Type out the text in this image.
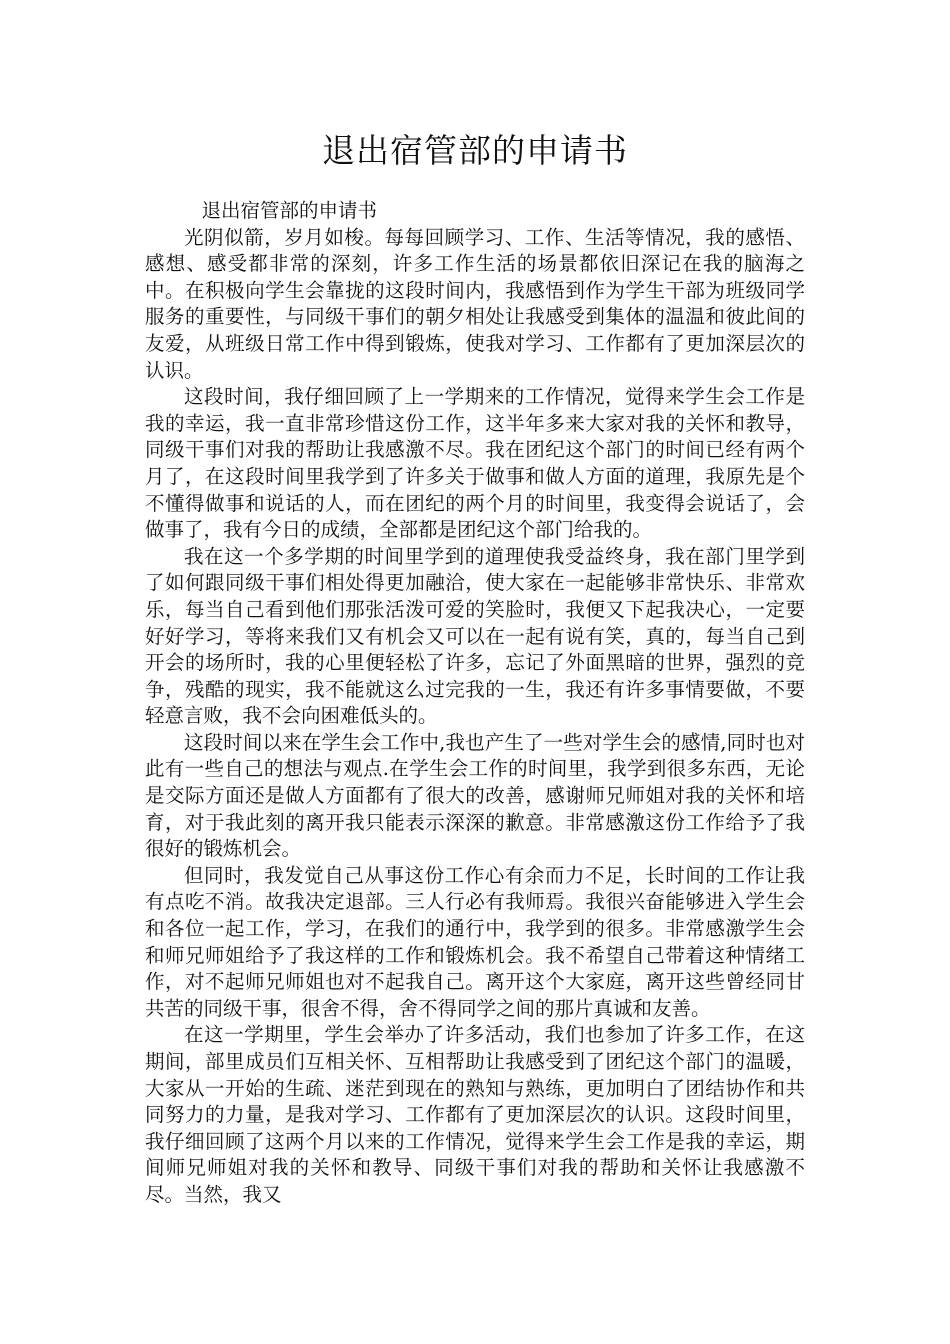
退出宿管部的申请书

退出宿管部的申请书

光阴似箭，岁月如梭。每每回顾学习、工作、生活等情况，我的感悟、感想、感受都非常的深刻，许多工作生活的场景都依旧深记在我的脑海之中。在积极向学生会靠拢的这段时间内，我感悟到作为学生干部为班级同学服务的重要性，与同级干事们的朝夕相处让我感受到集体的温温和彼此间的友爱，从班级日常工作中得到锻炼，使我对学习、工作都有了更加深层次的认识。

这段时间，我仔细回顾了上一学期来的工作情况，觉得来学生会工作是我的幸运，我一直非常珍惜这份工作，这半年多来大家对我的关怀和教导，同级干事们对我的帮助让我感激不尽。我在团纪这个部门的时间已经有两个月了，在这段时间里我学到了许多关于做事和做人方面的道理，我原先是个不懂得做事和说话的人，而在团纪的两个月的时间里，我变得会说话了，会做事了，我有今日的成绩，全部都是团纪这个部门给我的。

我在这一个多学期的时间里学到的道理使我受益终身，我在部门里学到了如何跟同级干事们相处得更加融洽，使大家在一起能够非常快乐、非常欢乐，每当自己看到他们那张活泼可爱的笑脸时，我便又下起我决心，一定要好好学习，等将来我们又有机会又可以在一起有说有笑，真的，每当自己到开会的场所时，我的心里便轻松了许多，忘记了外面黑暗的世界，强烈的竞争，残酷的现实，我不能就这么过完我的一生，我还有许多事情要做，不要轻意言败，我不会向困难低头的。

这段时间以来在学生会工作中,我也产生了一些对学生会的感情,同时也对此有一些自己的想法与观点.在学生会工作的时间里，我学到很多东西，无论是交际方面还是做人方面都有了很大的改善，感谢师兄师姐对我的关怀和培育，对于我此刻的离开我只能表示深深的歉意。非常感激这份工作给予了我很好的锻炼机会。

但同时，我发觉自己从事这份工作心有余而力不足，长时间的工作让我有点吃不消。故我决定退部。三人行必有我师焉。我很兴奋能够进入学生会和各位一起工作，学习，在我们的通行中，我学到的很多。非常感激学生会和师兄师姐给予了我这样的工作和锻炼机会。我不希望自己带着这种情绪工作，对不起师兄师姐也对不起我自己。离开这个大家庭，离开这些曾经同甘共苦的同级干事，很舍不得，舍不得同学之间的那片真诚和友善。

在这一学期里，学生会举办了许多活动，我们也参加了许多工作，在这期间，部里成员们互相关怀、互相帮助让我感受到了团纪这个部门的温暖，大家从一开始的生疏、迷茫到现在的熟知与熟练，更加明白了团结协作和共同努力的力量，是我对学习、工作都有了更加深层次的认识。这段时间里，我仔细回顾了这两个月以来的工作情况，觉得来学生会工作是我的幸运，期间师兄师姐对我的关怀和教导、同级干事们对我的帮助和关怀让我感激不尽。当然，我又
